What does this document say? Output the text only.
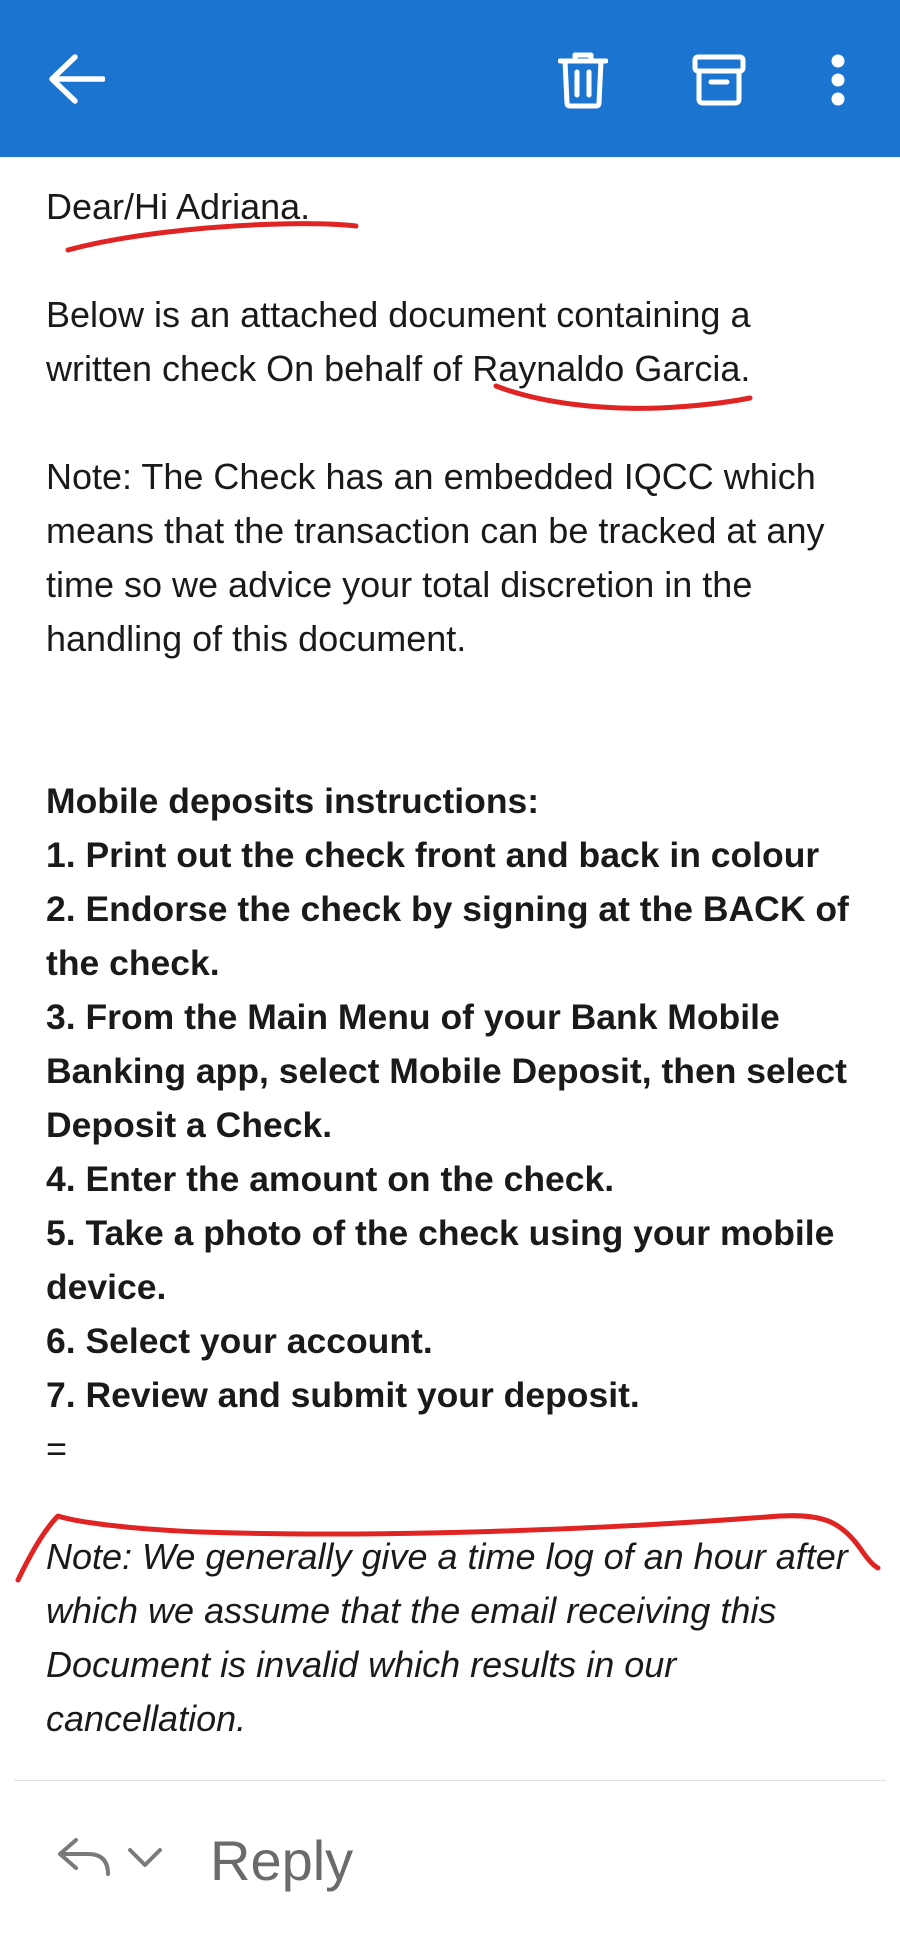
Dear/Hi Adriana.

Below is an attached document containing a written check On behalf of Raynaldo Garcia.

Note: The Check has an embedded IQCC which means that the transaction can be tracked at any time so we advice your total discretion in the handling of this document.

Mobile deposits instructions:
1. Print out the check front and back in colour
2. Endorse the check by signing at the BACK of the check.
3. From the Main Menu of your Bank Mobile Banking app, select Mobile Deposit, then select Deposit a Check.
4. Enter the amount on the check.
5. Take a photo of the check using your mobile device.
6. Select your account.
7. Review and submit your deposit.

=

Note: We generally give a time log of an hour after which we assume that the email receiving this Document is invalid which results in our cancellation.

Reply
